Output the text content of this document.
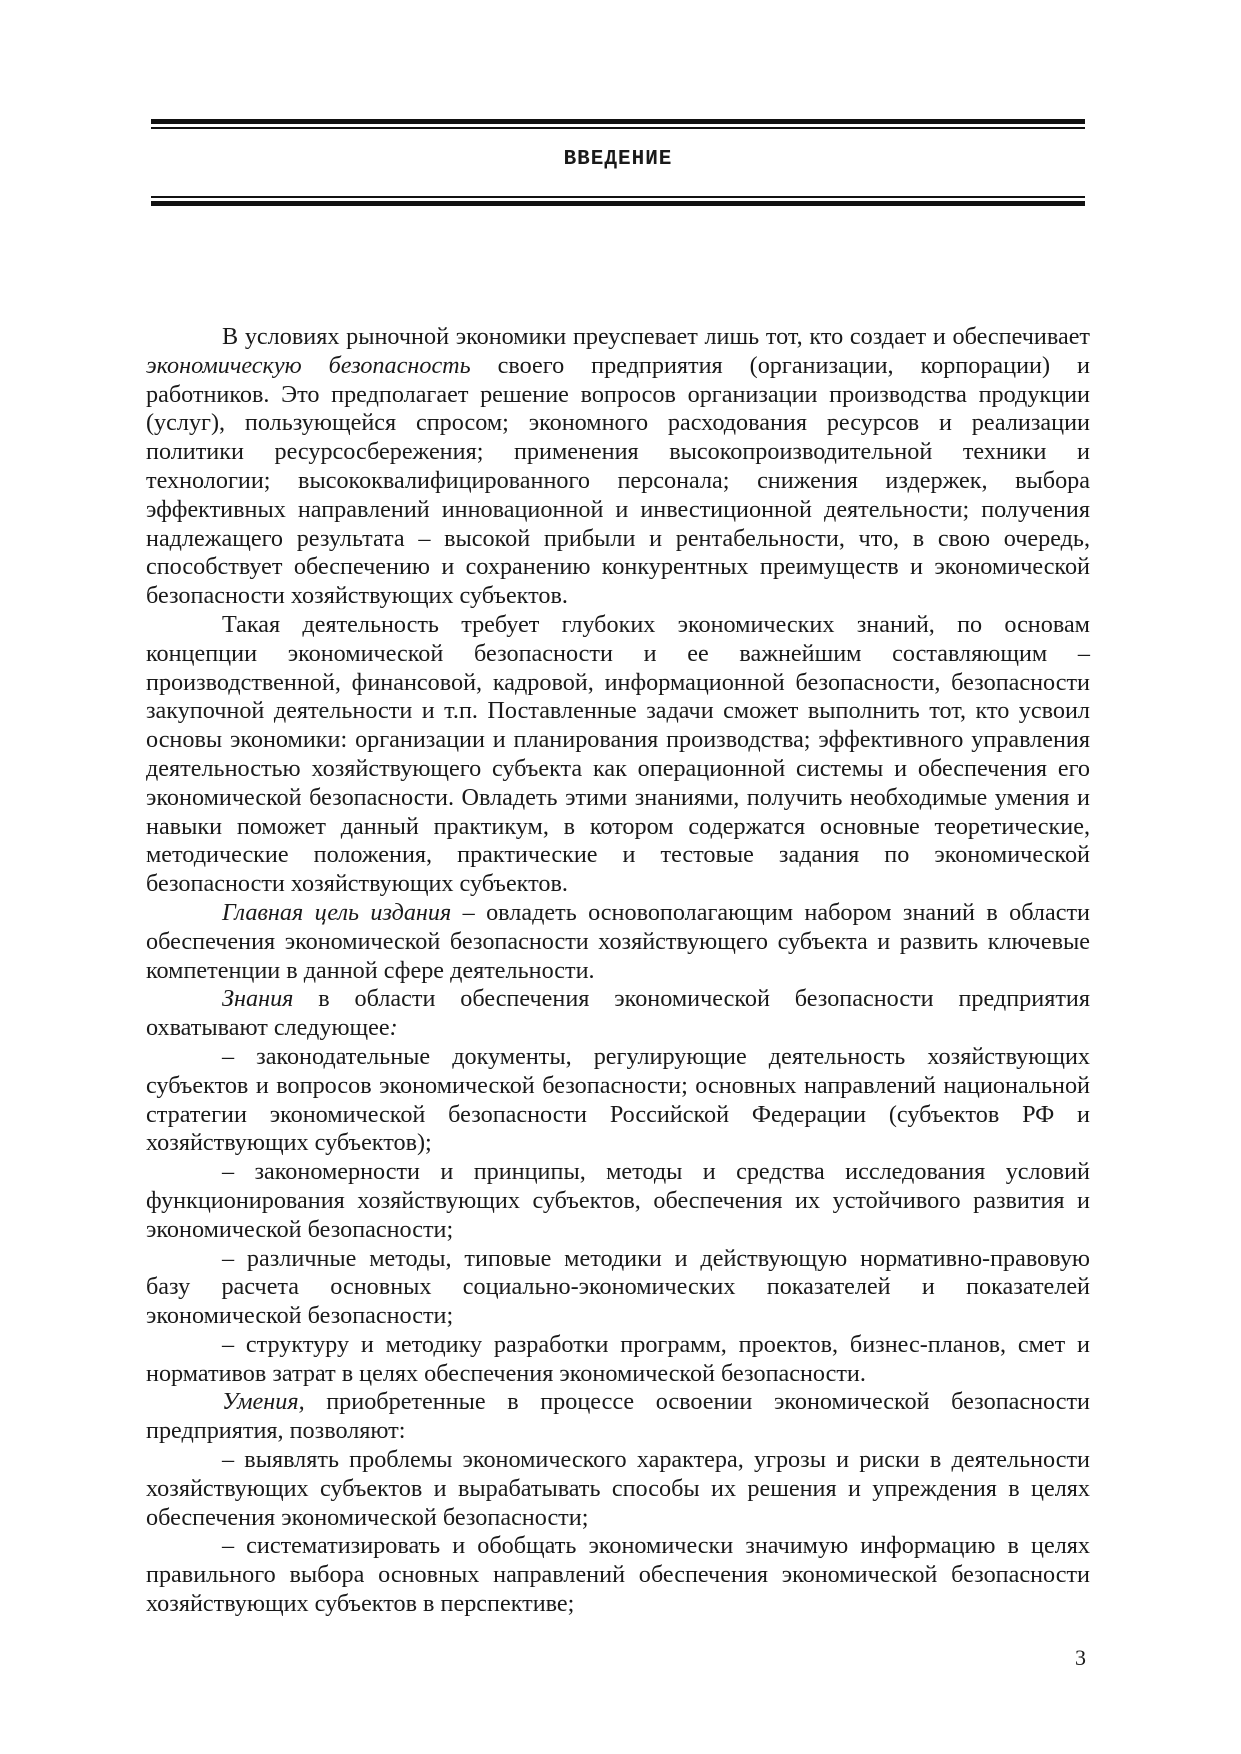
ВВЕДЕНИЕ

В условиях рыночной экономики преуспевает лишь тот, кто создает и обеспечивает экономическую безопасность своего предприятия (организации, корпорации) и работников. Это предполагает решение вопросов организации производства продукции (услуг), пользующейся спросом; экономного расходования ресурсов и реализации политики ресурсосбережения; применения высокопроизводительной техники и технологии; высококвалифицированного персонала; снижения издержек, выбора эффективных направлений инновационной и инвестиционной деятельности; получения надлежащего результата – высокой прибыли и рентабельности, что, в свою очередь, способствует обеспечению и сохранению конкурентных преимуществ и экономической безопасности хозяйствующих субъектов.

Такая деятельность требует глубоких экономических знаний, по основам концепции экономической безопасности и ее важнейшим составляющим – производственной, финансовой, кадровой, информационной безопасности, безопасности закупочной деятельности и т.п. Поставленные задачи сможет выполнить тот, кто усвоил основы экономики: организации и планирования производства; эффективного управления деятельностью хозяйствующего субъекта как операционной системы и обеспечения его экономической безопасности. Овладеть этими знаниями, получить необходимые умения и навыки поможет данный практикум, в котором содержатся основные теоретические, методические положения, практические и тестовые задания по экономической безопасности хозяйствующих субъектов.

Главная цель издания – овладеть основополагающим набором знаний в области обеспечения экономической безопасности хозяйствующего субъекта и развить ключевые компетенции в данной сфере деятельности.

Знания в области обеспечения экономической безопасности предприятия охватывают следующее:

– законодательные документы, регулирующие деятельность хозяйствующих субъектов и вопросов экономической безопасности; основных направлений национальной стратегии экономической безопасности Российской Федерации (субъектов РФ и хозяйствующих субъектов);

– закономерности и принципы, методы и средства исследования условий функционирования хозяйствующих субъектов, обеспечения их устойчивого развития и экономической безопасности;

– различные методы, типовые методики и действующую нормативно-правовую базу расчета основных социально-экономических показателей и показателей экономической безопасности;

– структуру и методику разработки программ, проектов, бизнес-планов, смет и нормативов затрат в целях обеспечения экономической безопасности.

Умения, приобретенные в процессе освоении экономической безопасности предприятия, позволяют:

– выявлять проблемы экономического характера, угрозы и риски в деятельности хозяйствующих субъектов и вырабатывать способы их решения и упреждения в целях обеспечения экономической безопасности;

– систематизировать и обобщать экономически значимую информацию в целях правильного выбора основных направлений обеспечения экономической безопасности хозяйствующих субъектов в перспективе;

3
